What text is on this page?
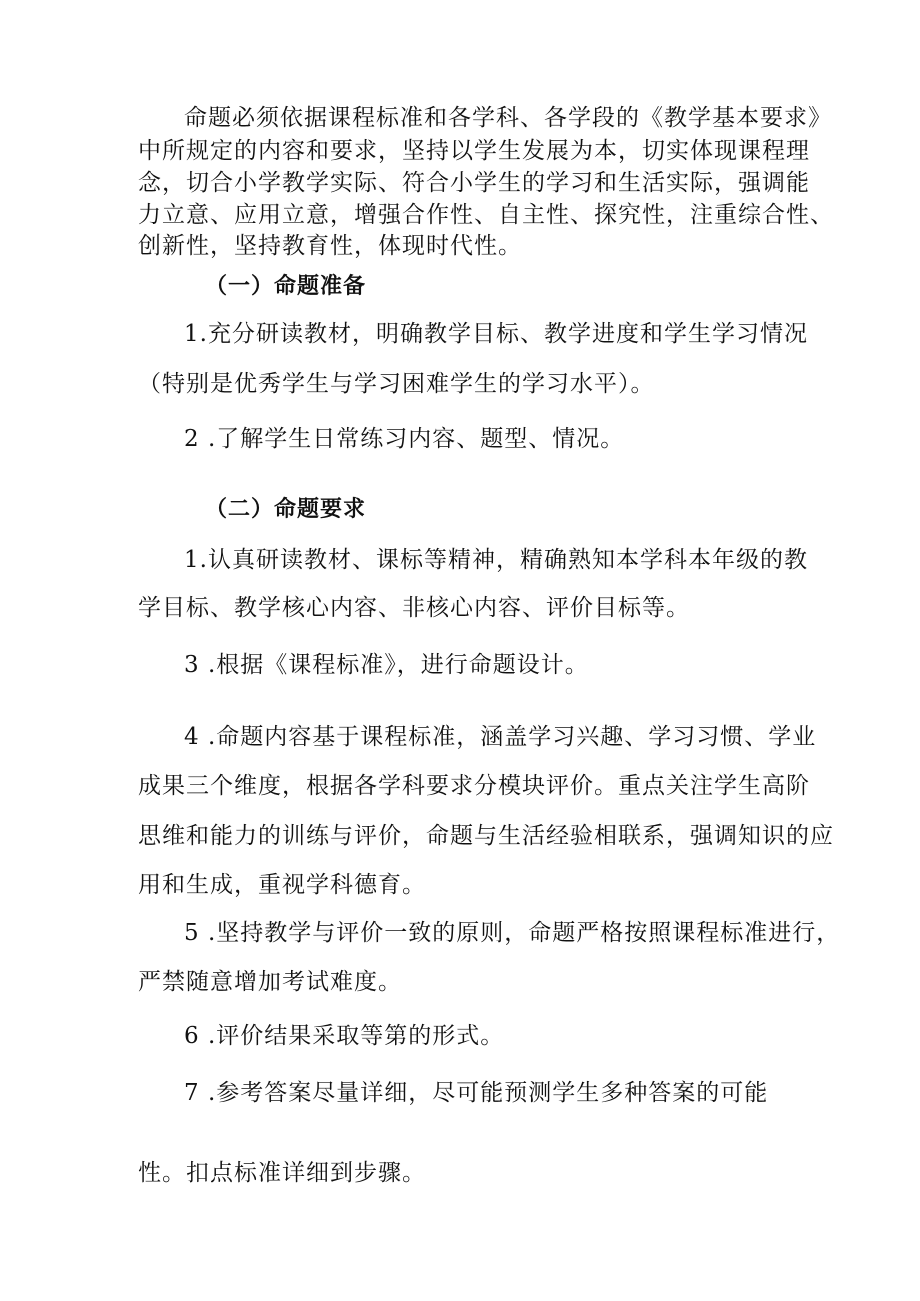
命题必须依据课程标准和各学科、各学段的《教学基本要求》
中所规定的内容和要求，坚持以学生发展为本，切实体现课程理
念，切合小学教学实际、符合小学生的学习和生活实际，强调能
力立意、应用立意，增强合作性、自主性、探究性，注重综合性、
创新性，坚持教育性，体现时代性。
（一）命题准备
1.充分研读教材，明确教学目标、教学进度和学生学习情况
（特别是优秀学生与学习困难学生的学习水平）。
2 .了解学生日常练习内容、题型、情况。
（二）命题要求
1.认真研读教材、课标等精神，精确熟知本学科本年级的教
学目标、教学核心内容、非核心内容、评价目标等。
3 .根据《课程标准》，进行命题设计。
4 .命题内容基于课程标准，涵盖学习兴趣、学习习惯、学业
成果三个维度，根据各学科要求分模块评价。重点关注学生高阶
思维和能力的训练与评价，命题与生活经验相联系，强调知识的应
用和生成，重视学科德育。
5 .坚持教学与评价一致的原则，命题严格按照课程标准进行，
严禁随意增加考试难度。
6 .评价结果采取等第的形式。
7 .参考答案尽量详细，尽可能预测学生多种答案的可能
性。扣点标准详细到步骤。
